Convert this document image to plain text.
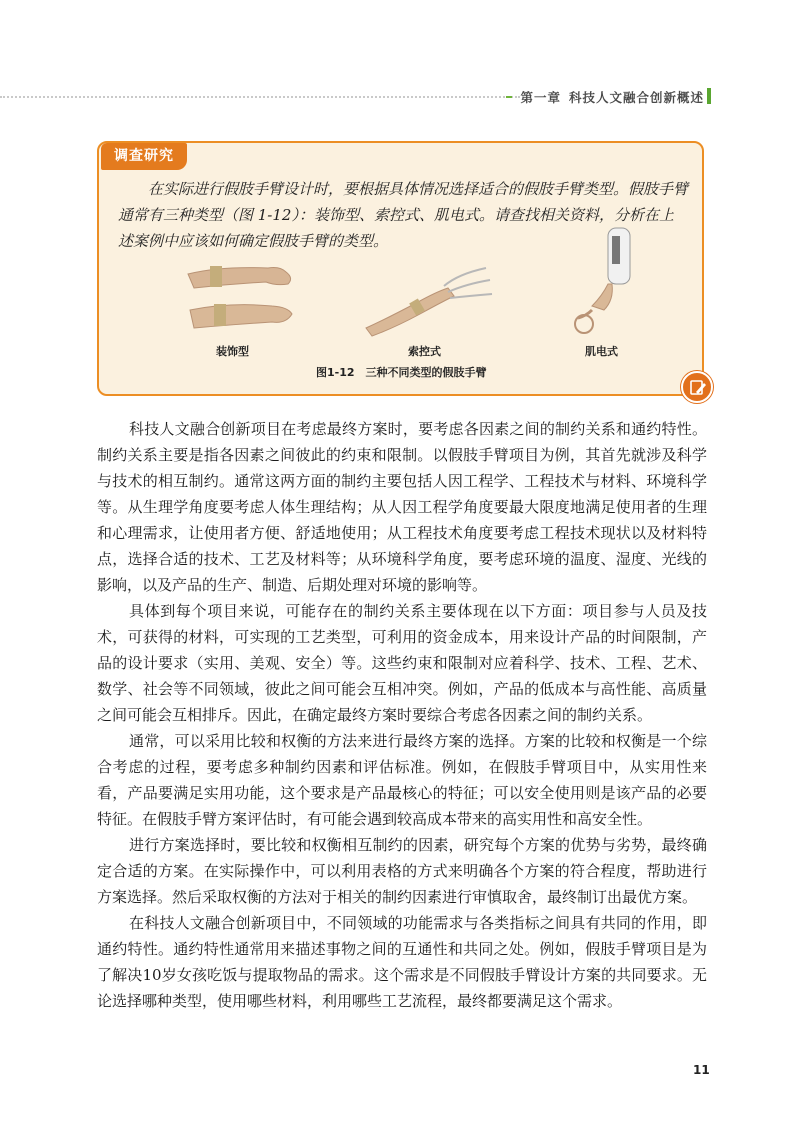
第一章 科技人文融合创新概述
调查研究

在实际进行假肢手臂设计时，要根据具体情况选择适合的假肢手臂类型。假肢手臂通常有三种类型（图 1-12）：装饰型、索控式、肌电式。请查找相关资料，分析在上述案例中应该如何确定假肢手臂的类型。

装饰型	索控式	肌电式
图1-12　三种不同类型的假肢手臂

科技人文融合创新项目在考虑最终方案时，要考虑各因素之间的制约关系和通约特性。制约关系主要是指各因素之间彼此的约束和限制。以假肢手臂项目为例，其首先就涉及科学与技术的相互制约。通常这两方面的制约主要包括人因工程学、工程技术与材料、环境科学等。从生理学角度要考虑人体生理结构；从人因工程学角度要最大限度地满足使用者的生理和心理需求，让使用者方便、舒适地使用；从工程技术角度要考虑工程技术现状以及材料特点，选择合适的技术、工艺及材料等；从环境科学角度，要考虑环境的温度、湿度、光线的影响，以及产品的生产、制造、后期处理对环境的影响等。

具体到每个项目来说，可能存在的制约关系主要体现在以下方面：项目参与人员及技术，可获得的材料，可实现的工艺类型，可利用的资金成本，用来设计产品的时间限制，产品的设计要求（实用、美观、安全）等。这些约束和限制对应着科学、技术、工程、艺术、数学、社会等不同领域，彼此之间可能会互相冲突。例如，产品的低成本与高性能、高质量之间可能会互相排斥。因此，在确定最终方案时要综合考虑各因素之间的制约关系。

通常，可以采用比较和权衡的方法来进行最终方案的选择。方案的比较和权衡是一个综合考虑的过程，要考虑多种制约因素和评估标准。例如，在假肢手臂项目中，从实用性来看，产品要满足实用功能，这个要求是产品最核心的特征；可以安全使用则是该产品的必要特征。在假肢手臂方案评估时，有可能会遇到较高成本带来的高实用性和高安全性。

进行方案选择时，要比较和权衡相互制约的因素，研究每个方案的优势与劣势，最终确定合适的方案。在实际操作中，可以利用表格的方式来明确各个方案的符合程度，帮助进行方案选择。然后采取权衡的方法对于相关的制约因素进行审慎取舍，最终制订出最优方案。

在科技人文融合创新项目中，不同领域的功能需求与各类指标之间具有共同的作用，即通约特性。通约特性通常用来描述事物之间的互通性和共同之处。例如，假肢手臂项目是为了解决10岁女孩吃饭与提取物品的需求。这个需求是不同假肢手臂设计方案的共同要求。无论选择哪种类型，使用哪些材料，利用哪些工艺流程，最终都要满足这个需求。

11
